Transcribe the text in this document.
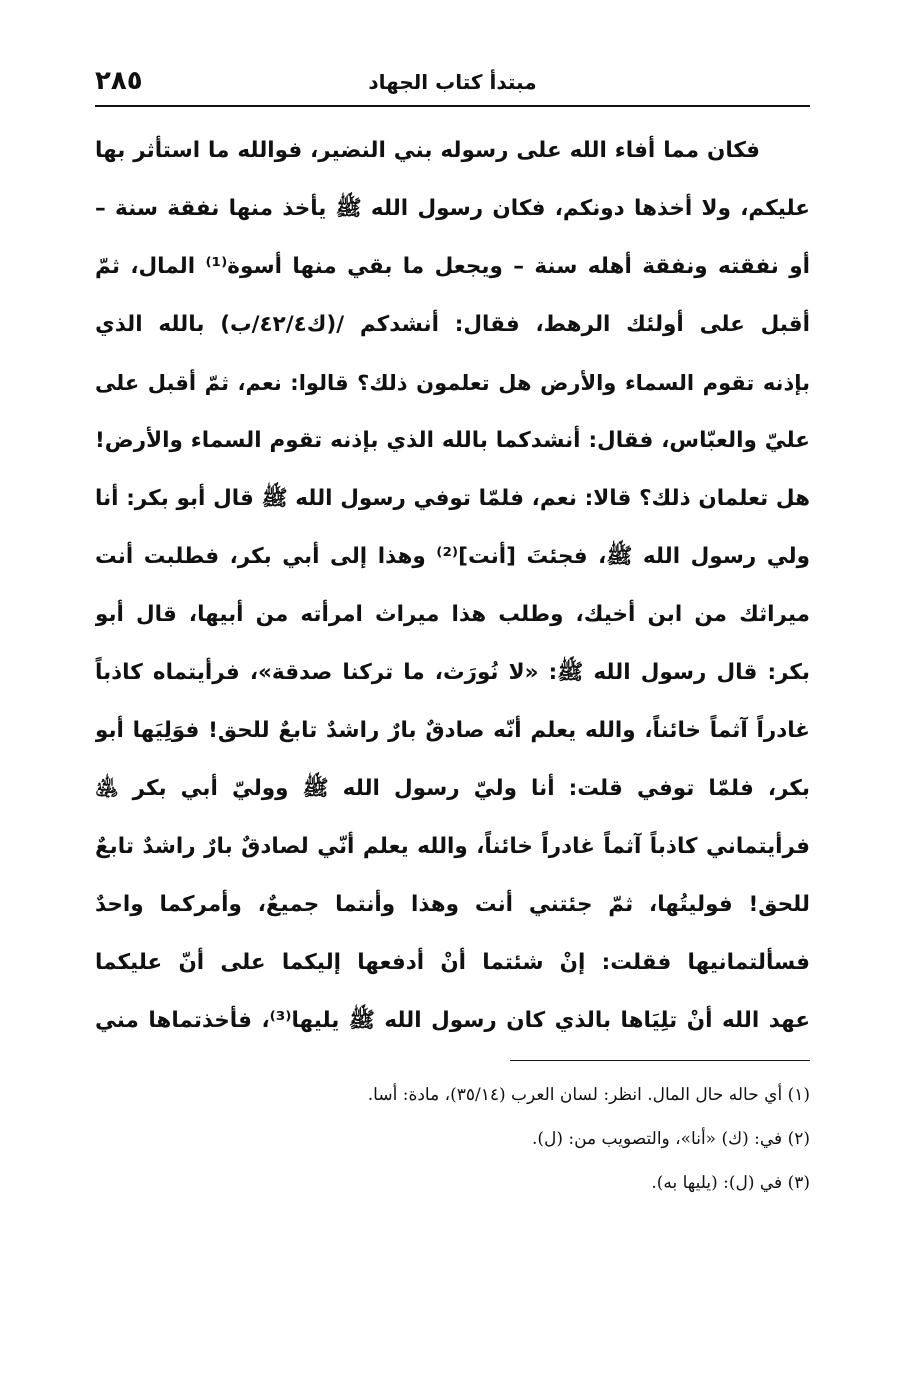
مبتدأ كتاب الجهاد
٢٨٥
فكان مما أفاء الله على رسوله بني النضير، فوالله ما استأثر بها
عليكم، ولا أخذها دونكم، فكان رسول الله ﷺ يأخذ منها نفقة سنة –
أو نفقته ونفقة أهله سنة – ويجعل ما بقي منها أسوة⁽¹⁾ المال، ثمّ
أقبل على أولئك الرهط، فقال: أنشدكم /(ك٤٢/٤/ب) بالله الذي
بإذنه تقوم السماء والأرض هل تعلمون ذلك؟ قالوا: نعم، ثمّ أقبل على
عليّ والعبّاس، فقال: أنشدكما بالله الذي بإذنه تقوم السماء والأرض!
هل تعلمان ذلك؟ قالا: نعم، فلمّا توفي رسول الله ﷺ قال أبو بكر: أنا
ولي رسول الله ﷺ، فجئتَ [أنت]⁽²⁾ وهذا إلى أبي بكر، فطلبت أنت
ميراثك من ابن أخيك، وطلب هذا ميراث امرأته من أبيها، قال أبو
بكر: قال رسول الله ﷺ: «لا نُورَث، ما تركنا صدقة»، فرأيتماه كاذباً
غادراً آثماً خائناً، والله يعلم أنّه صادقٌ بارٌ راشدٌ تابعٌ للحق! فوَلِيَها أبو
بكر، فلمّا توفي قلت: أنا وليّ رسول الله ﷺ ووليّ أبي بكر ﵁
فرأيتماني كاذباً آثماً غادراً خائناً، والله يعلم أنّي لصادقٌ بارٌ راشدٌ تابعٌ
للحق! فوليتُها، ثمّ جئتني أنت وهذا وأنتما جميعٌ، وأمركما واحدٌ
فسألتمانيها فقلت: إنْ شئتما أنْ أدفعها إليكما على أنّ عليكما
عهد الله أنْ تلِيَاها بالذي كان رسول الله ﷺ يليها⁽³⁾، فأخذتماها مني
(١) أي حاله حال المال. انظر: لسان العرب (٣٥/١٤)، مادة: أسا.
(٢) في: (ك) «أنا»، والتصويب من: (ل).
(٣) في (ل): (يليها به).
